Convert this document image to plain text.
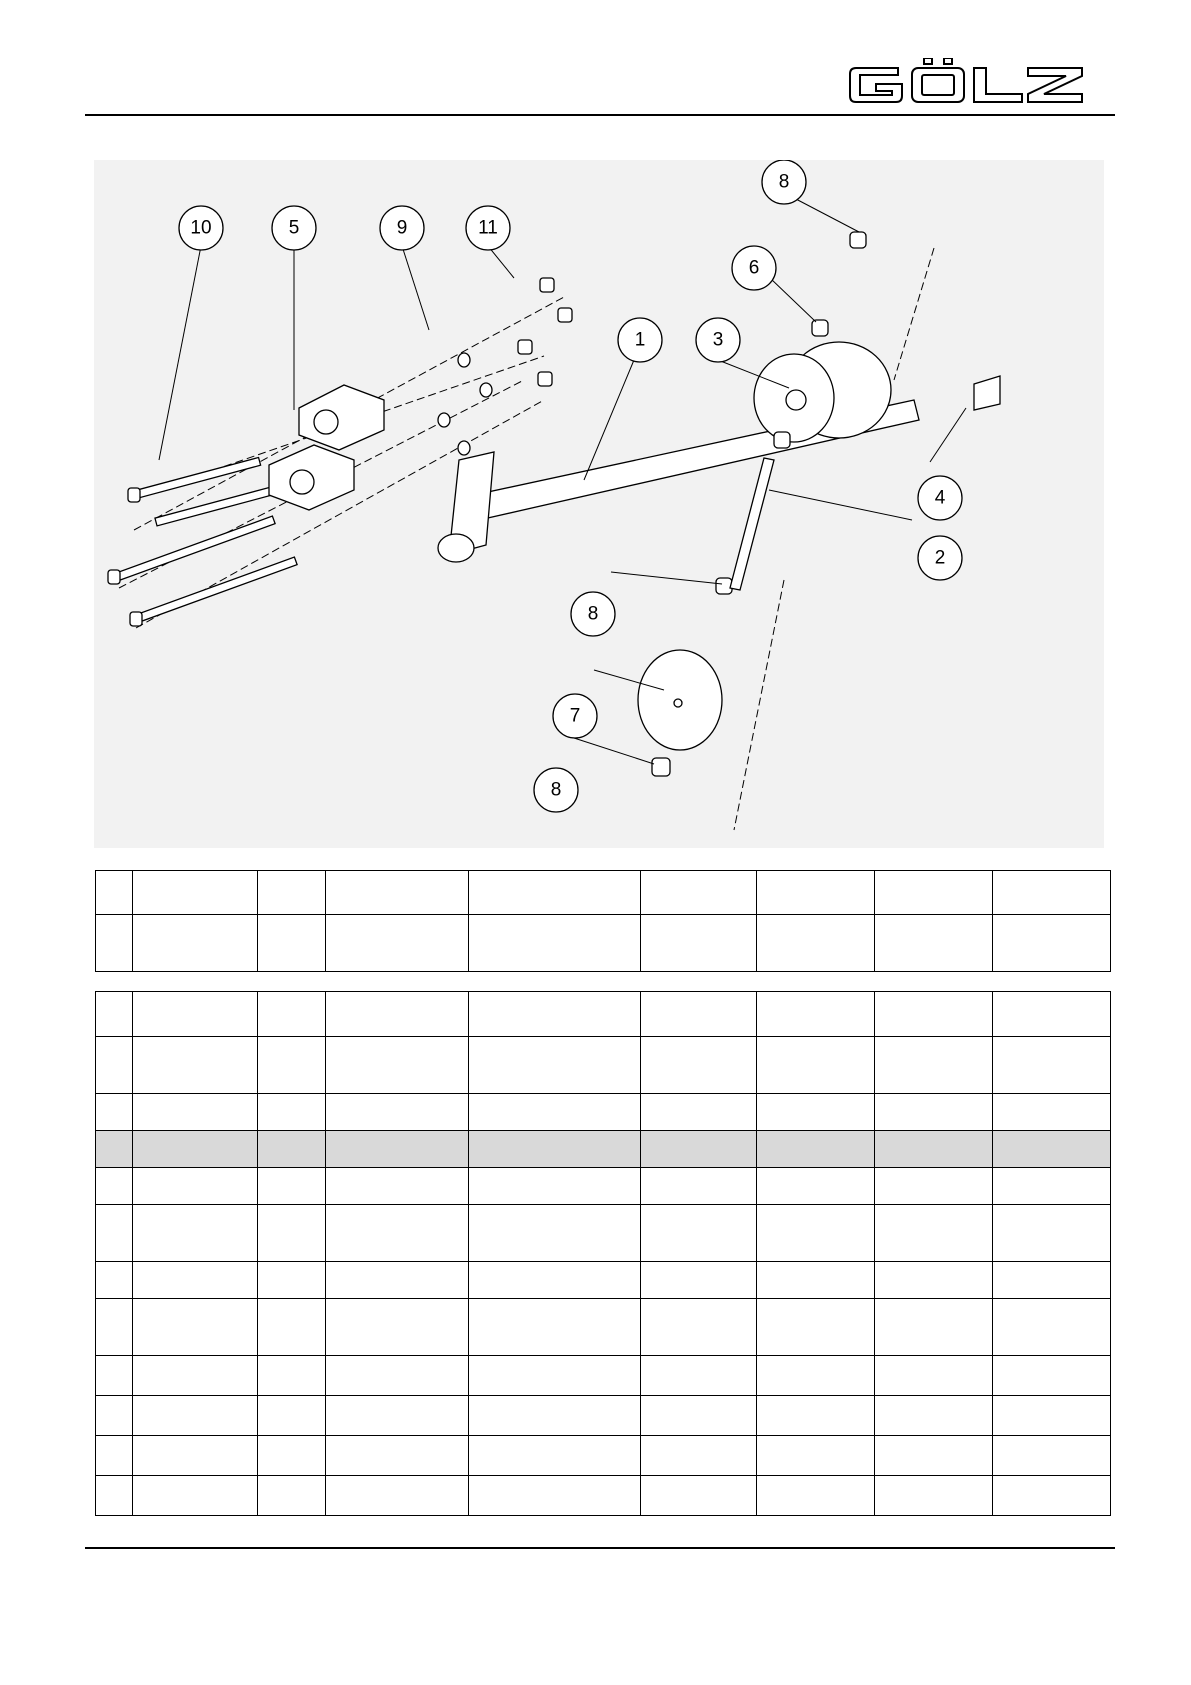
10	5	9	11
8
6
1	3
4
2
8
7
8
